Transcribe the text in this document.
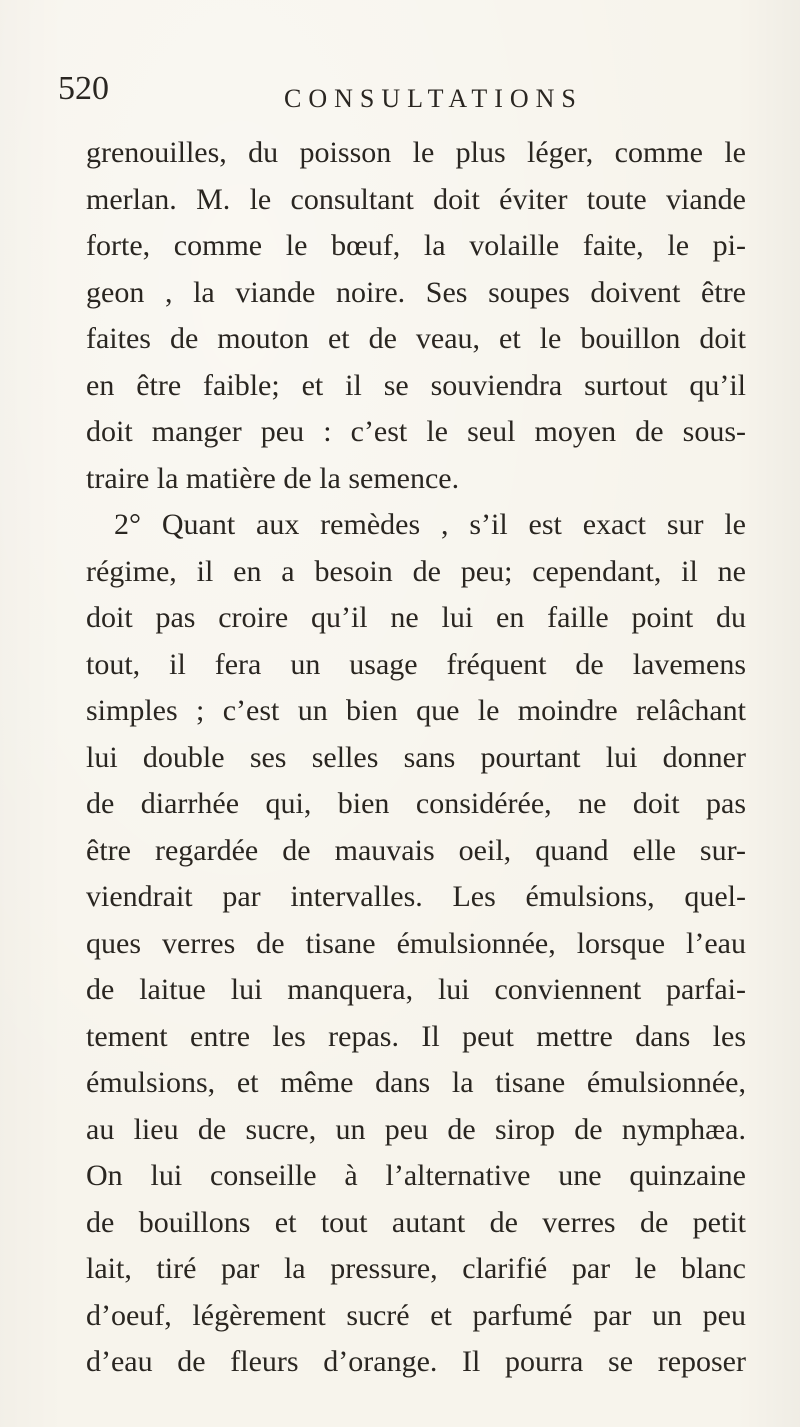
520	CONSULTATIONS
grenouilles, du poisson le plus léger, comme le
merlan. M. le consultant doit éviter toute viande
forte, comme le bœuf, la volaille faite, le pi-
geon , la viande noire. Ses soupes doivent être
faites de mouton et de veau, et le bouillon doit
en être faible; et il se souviendra surtout qu’il
doit manger peu : c’est le seul moyen de sous-
traire la matière de la semence.
2° Quant aux remèdes , s’il est exact sur le
régime, il en a besoin de peu; cependant, il ne
doit pas croire qu’il ne lui en faille point du
tout, il fera un usage fréquent de lavemens
simples ; c’est un bien que le moindre relâchant
lui double ses selles sans pourtant lui donner
de diarrhée qui, bien considérée, ne doit pas
être regardée de mauvais oeil, quand elle sur-
viendrait par intervalles. Les émulsions, quel-
ques verres de tisane émulsionnée, lorsque l’eau
de laitue lui manquera, lui conviennent parfai-
tement entre les repas. Il peut mettre dans les
émulsions, et même dans la tisane émulsionnée,
au lieu de sucre, un peu de sirop de nymphæa.
On lui conseille à l’alternative une quinzaine
de bouillons et tout autant de verres de petit
lait, tiré par la pressure, clarifié par le blanc
d’oeuf, légèrement sucré et parfumé par un peu
d’eau de fleurs d’orange. Il pourra se reposer
